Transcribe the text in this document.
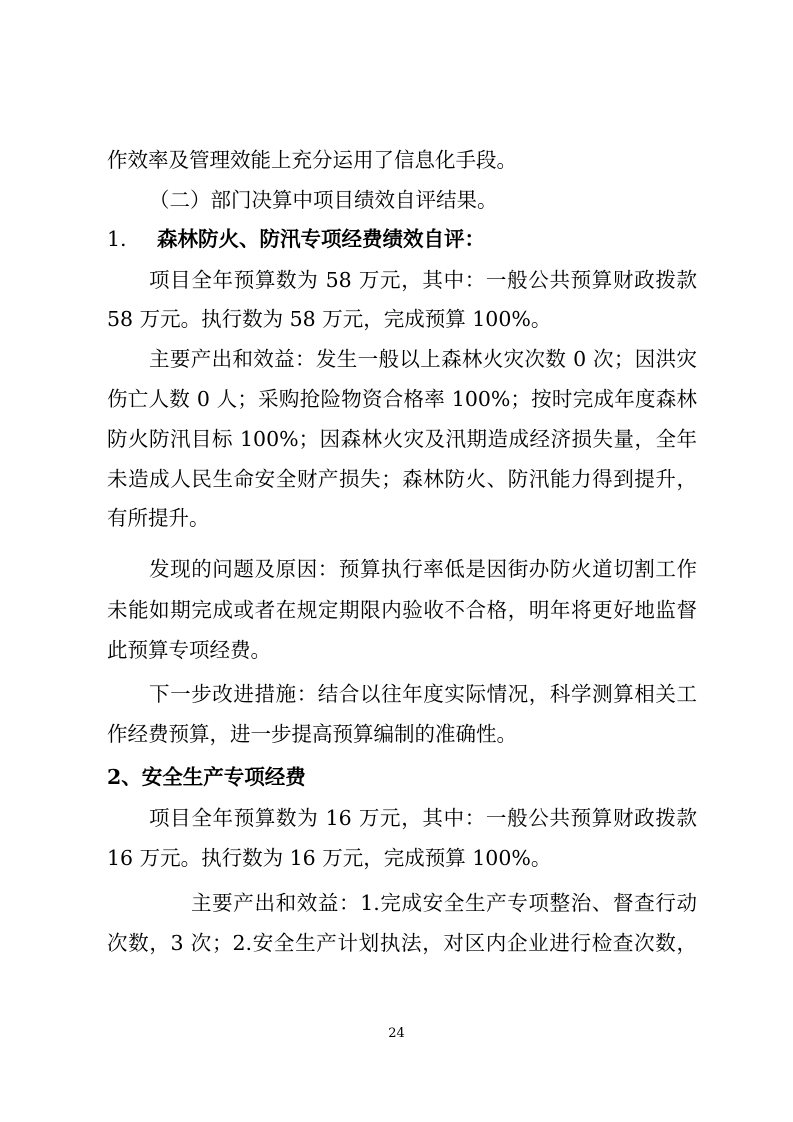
作效率及管理效能上充分运用了信息化手段。
（二）部门决算中项目绩效自评结果。
1. 森林防火、防汛专项经费绩效自评：
项目全年预算数为 58 万元，其中：一般公共预算财政拨款
58 万元。执行数为 58 万元，完成预算 100%。
主要产出和效益：发生一般以上森林火灾次数 0 次；因洪灾
伤亡人数 0 人；采购抢险物资合格率 100%；按时完成年度森林
防火防汛目标 100%；因森林火灾及汛期造成经济损失量，全年
未造成人民生命安全财产损失；森林防火、防汛能力得到提升，
有所提升。
发现的问题及原因：预算执行率低是因街办防火道切割工作
未能如期完成或者在规定期限内验收不合格，明年将更好地监督
此预算专项经费。
下一步改进措施：结合以往年度实际情况，科学测算相关工
作经费预算，进一步提高预算编制的准确性。
2、安全生产专项经费
项目全年预算数为 16 万元，其中：一般公共预算财政拨款
16 万元。执行数为 16 万元，完成预算 100%。
主要产出和效益：1.完成安全生产专项整治、督查行动
次数，3 次；2.安全生产计划执法，对区内企业进行检查次数，
24
